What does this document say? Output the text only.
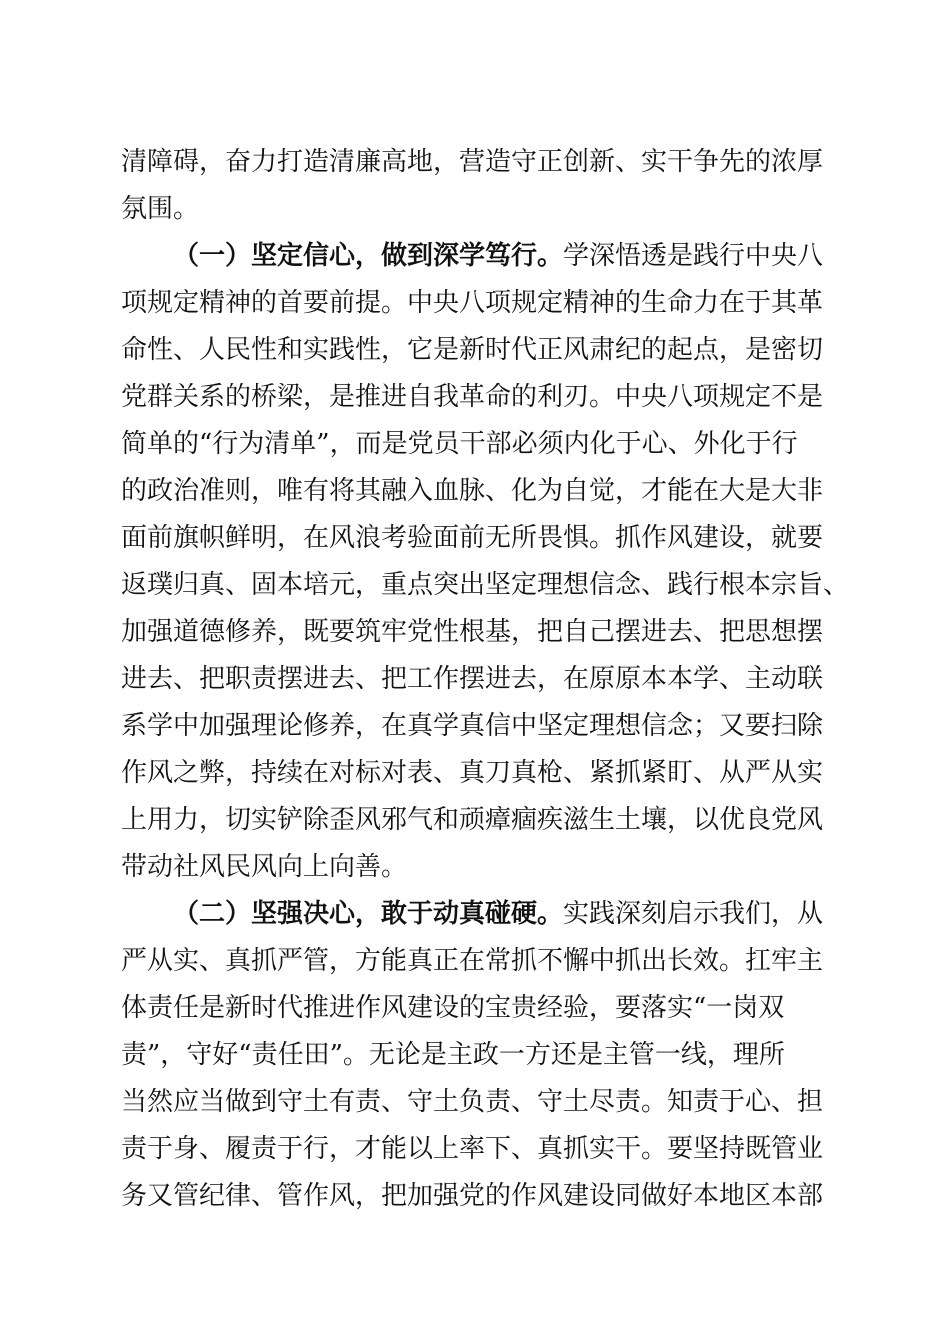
清障碍，奋力打造清廉高地，营造守正创新、实干争先的浓厚
氛围。
（一）坚定信心，做到深学笃行。学深悟透是践行中央八
项规定精神的首要前提。中央八项规定精神的生命力在于其革
命性、人民性和实践性，它是新时代正风肃纪的起点，是密切
党群关系的桥梁，是推进自我革命的利刃。中央八项规定不是
简单的“行为清单”，而是党员干部必须内化于心、外化于行
的政治准则，唯有将其融入血脉、化为自觉，才能在大是大非
面前旗帜鲜明，在风浪考验面前无所畏惧。抓作风建设，就要
返璞归真、固本培元，重点突出坚定理想信念、践行根本宗旨、
加强道德修养，既要筑牢党性根基，把自己摆进去、把思想摆
进去、把职责摆进去、把工作摆进去，在原原本本学、主动联
系学中加强理论修养，在真学真信中坚定理想信念；又要扫除
作风之弊，持续在对标对表、真刀真枪、紧抓紧盯、从严从实
上用力，切实铲除歪风邪气和顽瘴痼疾滋生土壤，以优良党风
带动社风民风向上向善。
（二）坚强决心，敢于动真碰硬。实践深刻启示我们，从
严从实、真抓严管，方能真正在常抓不懈中抓出长效。扛牢主
体责任是新时代推进作风建设的宝贵经验，要落实“一岗双
责”，守好“责任田”。无论是主政一方还是主管一线，理所
当然应当做到守土有责、守土负责、守土尽责。知责于心、担
责于身、履责于行，才能以上率下、真抓实干。要坚持既管业
务又管纪律、管作风，把加强党的作风建设同做好本地区本部
